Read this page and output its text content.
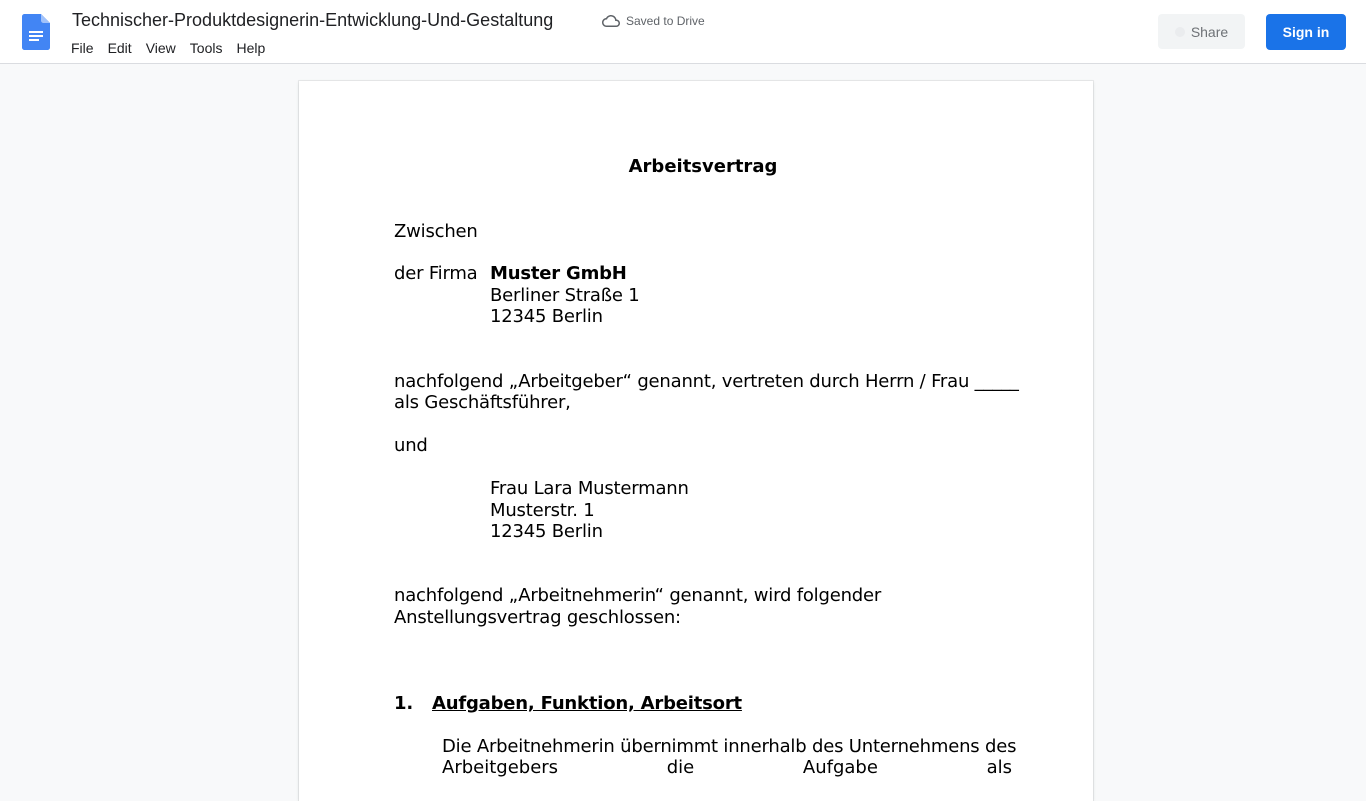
Technischer-Produktdesignerin-Entwicklung-Und-Gestaltung	Saved to Drive
File	Edit	View	Tools	Help
Share	Sign in
Arbeitsvertrag
Zwischen
der Firma Muster GmbH
Berliner Straße 1
12345 Berlin
nachfolgend „Arbeitgeber“ genannt, vertreten durch Herrn / Frau _____
als Geschäftsführer,
und
Frau Lara Mustermann
Musterstr. 1
12345 Berlin
nachfolgend „Arbeitnehmerin“ genannt, wird folgender
Anstellungsvertrag geschlossen:
1. Aufgaben, Funktion, Arbeitsort
Die Arbeitnehmerin übernimmt innerhalb des Unternehmens des
Arbeitgebers	die	Aufgabe	als
